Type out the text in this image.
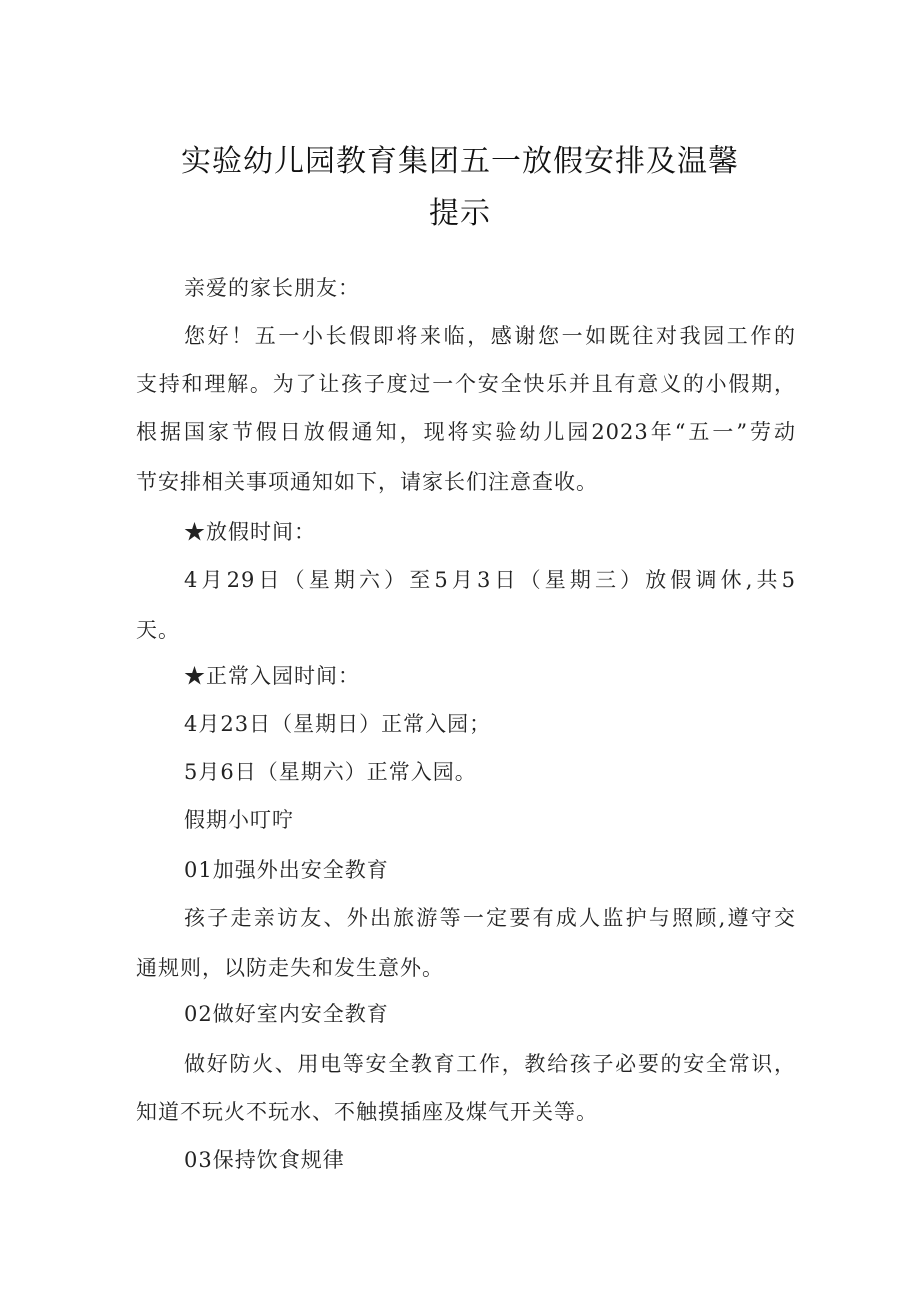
实验幼儿园教育集团五一放假安排及温馨
提示
亲爱的家长朋友：
您好！五一小长假即将来临，感谢您一如既往对我园工作的
支持和理解。为了让孩子度过一个安全快乐并且有意义的小假期，
根据国家节假日放假通知，现将实验幼儿园2023年“五一”劳动
节安排相关事项通知如下，请家长们注意查收。
★放假时间：
4月29日（星期六）至5月3日（星期三）放假调休,共5
天。
★正常入园时间：
4月23日（星期日）正常入园；
5月6日（星期六）正常入园。
假期小叮咛
01加强外出安全教育
孩子走亲访友、外出旅游等一定要有成人监护与照顾,遵守交
通规则，以防走失和发生意外。
02做好室内安全教育
做好防火、用电等安全教育工作，教给孩子必要的安全常识，
知道不玩火不玩水、不触摸插座及煤气开关等。
03保持饮食规律
